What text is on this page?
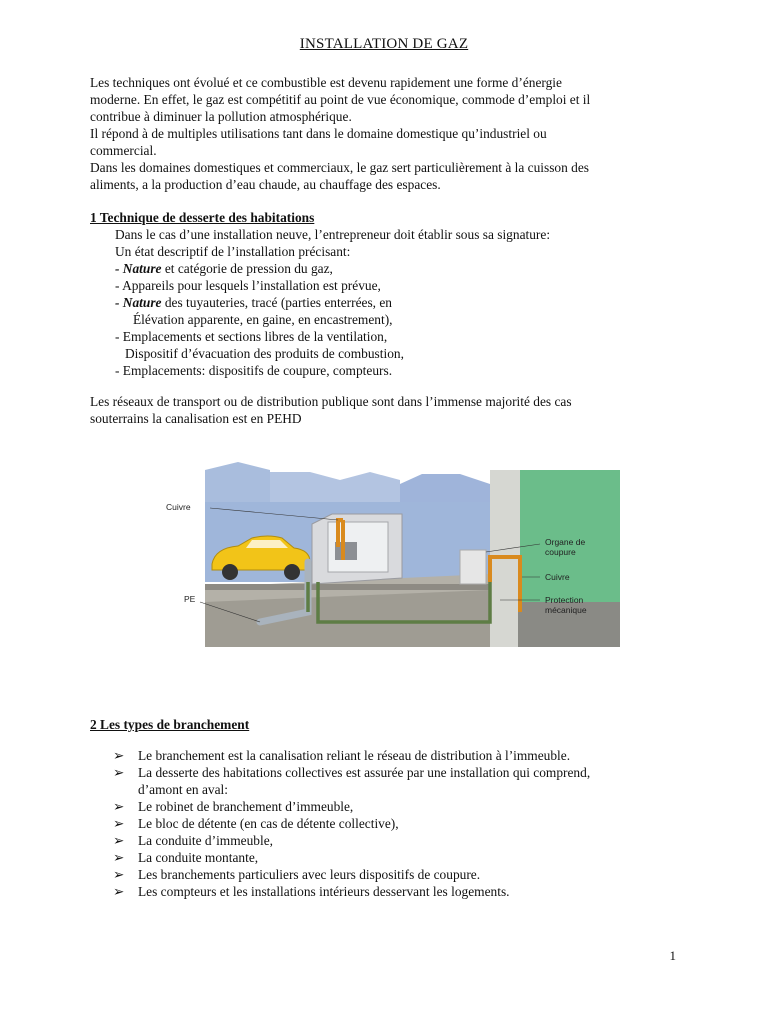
INSTALLATION DE GAZ
Les techniques ont évolué et ce combustible est devenu rapidement une forme d’énergie
moderne. En effet, le gaz est compétitif au point de vue économique, commode d’emploi et il
contribue à diminuer la pollution atmosphérique.
Il répond à de multiples utilisations tant dans le domaine domestique qu’industriel ou
commercial.
Dans les domaines domestiques et commerciaux, le gaz sert particulièrement à la cuisson des
aliments, a la production d’eau chaude, au chauffage des espaces.
1 Technique de desserte des habitations
Dans le cas d’une installation neuve, l’entrepreneur doit établir sous sa signature:
Un état descriptif de l’installation précisant:
- Nature et catégorie de pression du gaz,
- Appareils pour lesquels l’installation est prévue,
- Nature des tuyauteries, tracé (parties enterrées, en
Élévation apparente, en gaine, en encastrement),
- Emplacements et sections libres de la ventilation,
Dispositif d’évacuation des produits de combustion,
- Emplacements: dispositifs de coupure, compteurs.
Les réseaux de transport ou de distribution publique sont dans l’immense majorité des cas
souterrains la canalisation est en PEHD
Cuivre
PE
Organe de
coupure
Cuivre
Protection
mécanique
2 Les types de branchement
➢ Le branchement est la canalisation reliant le réseau de distribution à l’immeuble.
➢ La desserte des habitations collectives est assurée par une installation qui comprend,
d’amont en aval:
➢ Le robinet de branchement d’immeuble,
➢ Le bloc de détente (en cas de détente collective),
➢ La conduite d’immeuble,
➢ La conduite montante,
➢ Les branchements particuliers avec leurs dispositifs de coupure.
➢ Les compteurs et les installations intérieurs desservant les logements.
1
